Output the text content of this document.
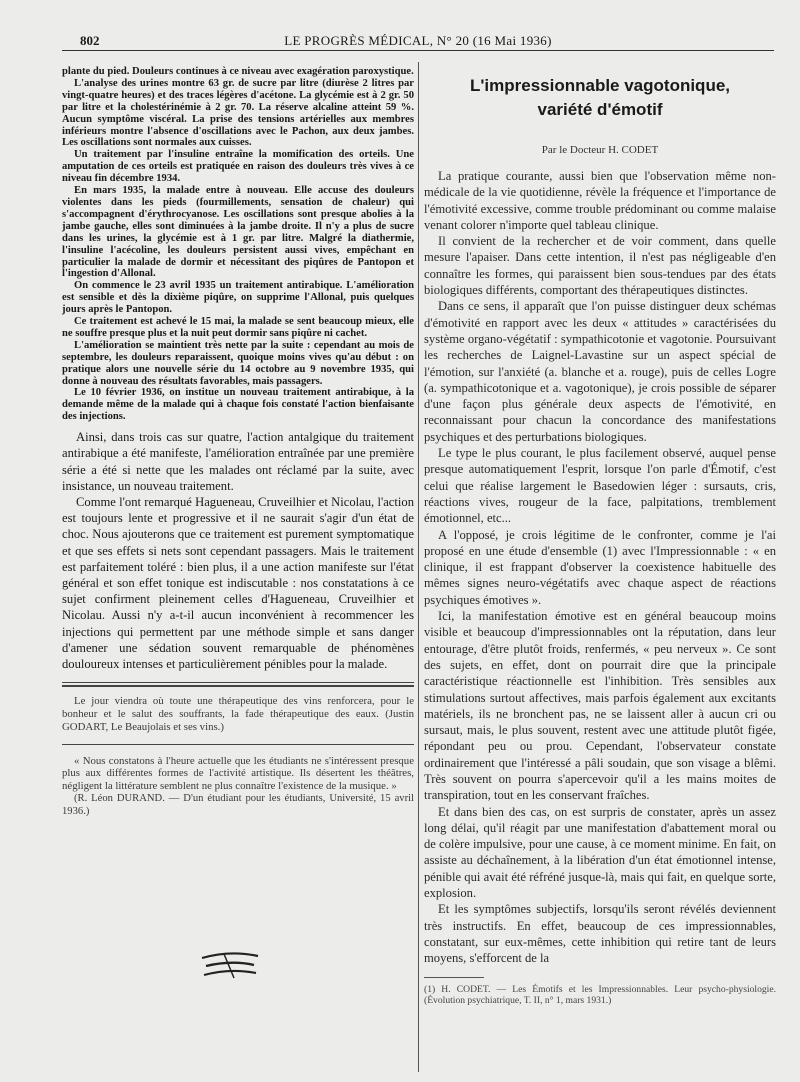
802	LE PROGRÈS MÉDICAL, N° 20 (16 Mai 1936)

plante du pied. Douleurs continues à ce niveau avec exagération paroxystique.

L'analyse des urines montre 63 gr. de sucre par litre (diurèse 2 litres par vingt-quatre heures) et des traces légères d'acétone. La glycémie est à 2 gr. 50 par litre et la cholestérinémie à 2 gr. 70. La réserve alcaline atteint 59 %. Aucun symptôme viscéral. La prise des tensions artérielles aux membres inférieurs montre l'absence d'oscillations avec le Pachon, aux deux jambes. Les oscillations sont normales aux cuisses.

Un traitement par l'insuline entraîne la momification des orteils. Une amputation de ces orteils est pratiquée en raison des douleurs très vives à ce niveau fin décembre 1934.

En mars 1935, la malade entre à nouveau. Elle accuse des douleurs violentes dans les pieds (fourmillements, sensation de chaleur) qui s'accompagnent d'érythrocyanose. Les oscillations sont presque abolies à la jambe gauche, elles sont diminuées à la jambe droite. Il n'y a plus de sucre dans les urines, la glycémie est à 1 gr. par litre. Malgré la diathermie, l'insuline l'acécoline, les douleurs persistent aussi vives, empêchant en particulier la malade de dormir et nécessitant des piqûres de Pantopon et l'ingestion d'Allonal.

On commence le 23 avril 1935 un traitement antirabique. L'amélioration est sensible et dès la dixième piqûre, on supprime l'Allonal, puis quelques jours après le Pantopon.

Ce traitement est achevé le 15 mai, la malade se sent beaucoup mieux, elle ne souffre presque plus et la nuit peut dormir sans piqûre ni cachet.

L'amélioration se maintient très nette par la suite : cependant au mois de septembre, les douleurs reparaissent, quoique moins vives qu'au début : on pratique alors une nouvelle série du 14 octobre au 9 novembre 1935, qui donne à nouveau des résultats favorables, mais passagers.

Le 10 février 1936, on institue un nouveau traitement antirabique, à la demande même de la malade qui à chaque fois constaté l'action bienfaisante des injections.

Ainsi, dans trois cas sur quatre, l'action antalgique du traitement antirabique a été manifeste, l'amélioration entraînée par une première série a été si nette que les malades ont réclamé par la suite, avec insistance, un nouveau traitement.

Comme l'ont remarqué Hagueneau, Cruveilhier et Nicolau, l'action est toujours lente et progressive et il ne saurait s'agir d'un état de choc. Nous ajouterons que ce traitement est purement symptomatique et que ses effets si nets sont cependant passagers. Mais le traitement est parfaitement toléré : bien plus, il a une action manifeste sur l'état général et son effet tonique est indiscutable : nos constatations à ce sujet confirment pleinement celles d'Hagueneau, Cruveilhier et Nicolau. Aussi n'y a-t-il aucun inconvénient à recommencer les injections qui permettent par une méthode simple et sans danger d'amener une sédation souvent remarquable de phénomènes douloureux intenses et particulièrement pénibles pour la malade.

Le jour viendra où toute une thérapeutique des vins renforcera, pour le bonheur et le salut des souffrants, la fade thérapeutique des eaux. (Justin GODART, Le Beaujolais et ses vins.)

« Nous constatons à l'heure actuelle que les étudiants ne s'intéressent presque plus aux différentes formes de l'activité artistique. Ils désertent les théâtres, négligent la littérature semblent ne plus connaître l'existence de la musique. »

(R. Léon DURAND. — D'un étudiant pour les étudiants, Université, 15 avril 1936.)

L'impressionnable vagotonique,
variété d'émotif
Par le Docteur H. CODET

La pratique courante, aussi bien que l'observation même non-médicale de la vie quotidienne, révèle la fréquence et l'importance de l'émotivité excessive, comme trouble prédominant ou comme malaise venant colorer n'importe quel tableau clinique.

Il convient de la rechercher et de voir comment, dans quelle mesure l'apaiser. Dans cette intention, il n'est pas négligeable d'en connaître les formes, qui paraissent bien sous-tendues par des états biologiques différents, comportant des thérapeutiques distinctes.

Dans ce sens, il apparaît que l'on puisse distinguer deux schémas d'émotivité en rapport avec les deux « attitudes » caractérisées du système organo-végétatif : sympathicotonie et vagotonie. Poursuivant les recherches de Laignel-Lavastine sur un aspect spécial de l'émotion, sur l'anxiété (a. blanche et a. rouge), puis de celles Logre (a. sympathicotonique et a. vagotonique), je crois possible de séparer d'une façon plus générale deux aspects de l'émotivité, en reconnaissant pour chacun la concordance des manifestations psychiques et des perturbations biologiques.

Le type le plus courant, le plus facilement observé, auquel pense presque automatiquement l'esprit, lorsque l'on parle d'Émotif, c'est celui que réalise largement le Basedowien léger : sursauts, cris, réactions vives, rougeur de la face, palpitations, tremblement émotionnel, etc...

A l'opposé, je crois légitime de le confronter, comme je l'ai proposé en une étude d'ensemble (1) avec l'Impressionnable : « en clinique, il est frappant d'observer la coexistence habituelle des mêmes signes neuro-végétatifs avec chaque aspect de réactions psychiques émotives ».

Ici, la manifestation émotive est en général beaucoup moins visible et beaucoup d'impressionnables ont la réputation, dans leur entourage, d'être plutôt froids, renfermés, « peu nerveux ». Ce sont des sujets, en effet, dont on pourrait dire que la principale caractéristique réactionnelle est l'inhibition. Très sensibles aux stimulations surtout affectives, mais parfois également aux excitants matériels, ils ne bronchent pas, ne se laissent aller à aucun cri ou sursaut, mais, le plus souvent, restent avec une attitude plutôt figée, répondant peu ou prou. Cependant, l'observateur constate ordinairement que l'intéressé a pâli soudain, que son visage a blêmi. Très souvent on pourra s'apercevoir qu'il a les mains moites de transpiration, tout en les conservant fraîches.

Et dans bien des cas, on est surpris de constater, après un assez long délai, qu'il réagit par une manifestation d'abattement moral ou de colère impulsive, pour une cause, à ce moment minime. En fait, on assiste au déchaînement, à la libération d'un état émotionnel intense, pénible qui avait été réfréné jusque-là, mais qui fait, en quelque sorte, explosion.

Et les symptômes subjectifs, lorsqu'ils seront révélés deviennent très instructifs. En effet, beaucoup de ces impressionnables, constatant, sur eux-mêmes, cette inhibition qui retire tant de leurs moyens, s'efforcent de la

(1) H. CODET. — Les Émotifs et les Impressionnables. Leur psycho-physiologie. (Évolution psychiatrique, T. II, n° 1, mars 1931.)
